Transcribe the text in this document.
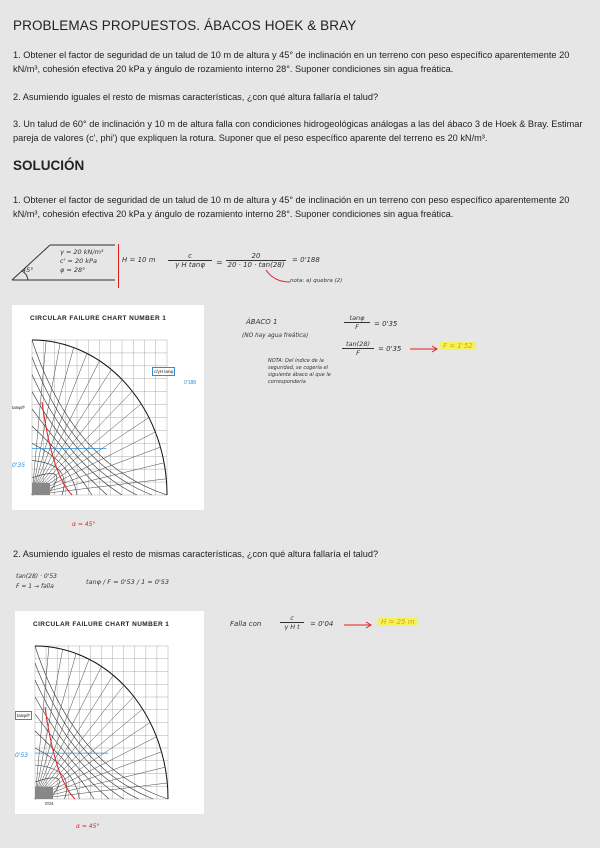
PROBLEMAS PROPUESTOS. ÁBACOS HOEK & BRAY

1. Obtener el factor de seguridad de un talud de 10 m de altura y 45° de inclinación en un terreno con peso específico aparentemente 20 kN/m³, cohesión efectiva 20 kPa y ángulo de rozamiento interno 28°. Suponer condiciones sin agua freática.

2. Asumiendo iguales el resto de mismas características, ¿con qué altura fallaría el talud?

3. Un talud de 60° de inclinación y 10 m de altura falla con condiciones hidrogeológicas análogas a las del ábaco 3 de Hoek & Bray. Estimar pareja de valores (c', phi') que expliquen la rotura. Suponer que el peso específico aparente del terreno es 20 kN/m³.

SOLUCIÓN

1. Obtener el factor de seguridad de un talud de 10 m de altura y 45° de inclinación en un terreno con peso específico aparentemente 20 kN/m³, cohesión efectiva 20 kPa y ángulo de rozamiento interno 28°. Suponer condiciones sin agua freática.

γ = 20 kN/m³
c' = 20 kPa
φ = 28°
45°
H = 10 m $\frac{c}{\text{γ H tanφ}} = \frac{20}{20 \cdot 10 \cdot \tan(28)} = 0'188$
nota: a) quebra (2)
CIRCULAR FAILURE CHART NUMBER 1
c/γH tanφ
0'188
tanφ/F
0'35
α = 45°
ÁBACO 1
(NO hay agua freática)
$\frac{\tan\varphi}{F} = 0'35$
$\frac{\tan(28)}{F} = 0'35$	F = 1'52
NOTA: Del índice de la seguridad, se cogería el siguiente ábaco al que le correspondería

2. Asumiendo iguales el resto de mismas características, ¿con qué altura fallaría el talud?

tan(28) · 0'53
F = 1 → falla
tanφ / F = 0'53 / 1 = 0'53
CIRCULAR FAILURE CHART NUMBER 1
tanφ/F
0'04
0'53
α = 45°
Falla con	$\frac{c}{\text{γ H t}} = 0'04$	H = 25 m
